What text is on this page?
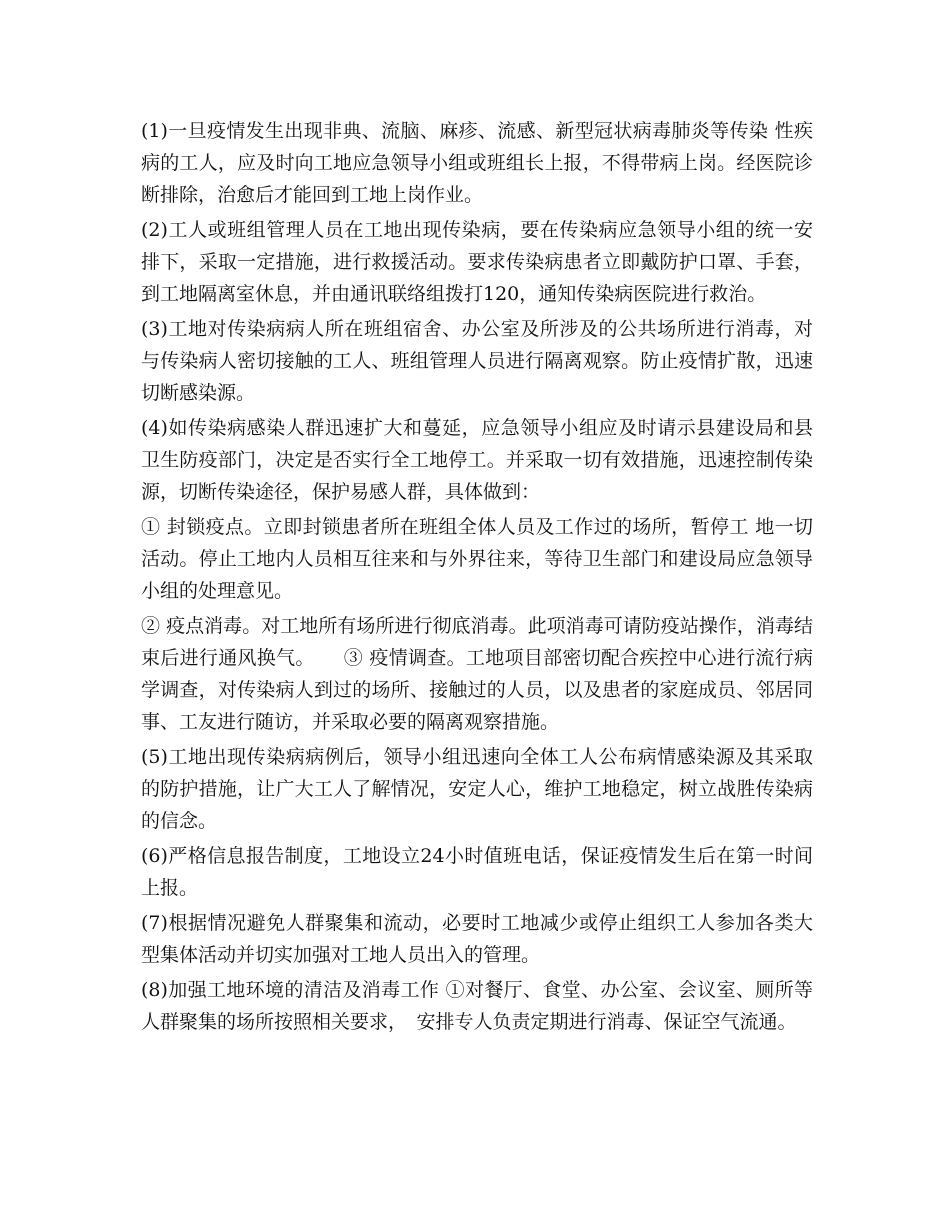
(1)一旦疫情发生出现非典、流脑、麻疹、流感、新型冠状病毒肺炎等传染 性疾病的工人，应及时向工地应急领导小组或班组长上报，不得带病上岗。经医院诊断排除，治愈后才能回到工地上岗作业。

(2)工人或班组管理人员在工地出现传染病，要在传染病应急领导小组的统一安排下，采取一定措施，进行救援活动。要求传染病患者立即戴防护口罩、手套，到工地隔离室休息，并由通讯联络组拨打120，通知传染病医院进行救治。

(3)工地对传染病病人所在班组宿舍、办公室及所涉及的公共场所进行消毒，对与传染病人密切接触的工人、班组管理人员进行隔离观察。防止疫情扩散，迅速切断感染源。

(4)如传染病感染人群迅速扩大和蔓延，应急领导小组应及时请示县建设局和县卫生防疫部门，决定是否实行全工地停工。并采取一切有效措施，迅速控制传染源，切断传染途径，保护易感人群，具体做到：

① 封锁疫点。立即封锁患者所在班组全体人员及工作过的场所，暂停工 地一切活动。停止工地内人员相互往来和与外界往来，等待卫生部门和建设局应急领导小组的处理意见。

② 疫点消毒。对工地所有场所进行彻底消毒。此项消毒可请防疫站操作，消毒结束后进行通风换气。　　③ 疫情调查。工地项目部密切配合疾控中心进行流行病学调查，对传染病人到过的场所、接触过的人员，以及患者的家庭成员、邻居同事、工友进行随访，并采取必要的隔离观察措施。

(5)工地出现传染病病例后，领导小组迅速向全体工人公布病情感染源及其采取的防护措施，让广大工人了解情况，安定人心，维护工地稳定，树立战胜传染病的信念。

(6)严格信息报告制度，工地设立24小时值班电话，保证疫情发生后在第一时间上报。

(7)根据情况避免人群聚集和流动，必要时工地减少或停止组织工人参加各类大型集体活动并切实加强对工地人员出入的管理。

(8)加强工地环境的清洁及消毒工作 ①对餐厅、食堂、办公室、会议室、厕所等人群聚集的场所按照相关要求，　安排专人负责定期进行消毒、保证空气流通。
